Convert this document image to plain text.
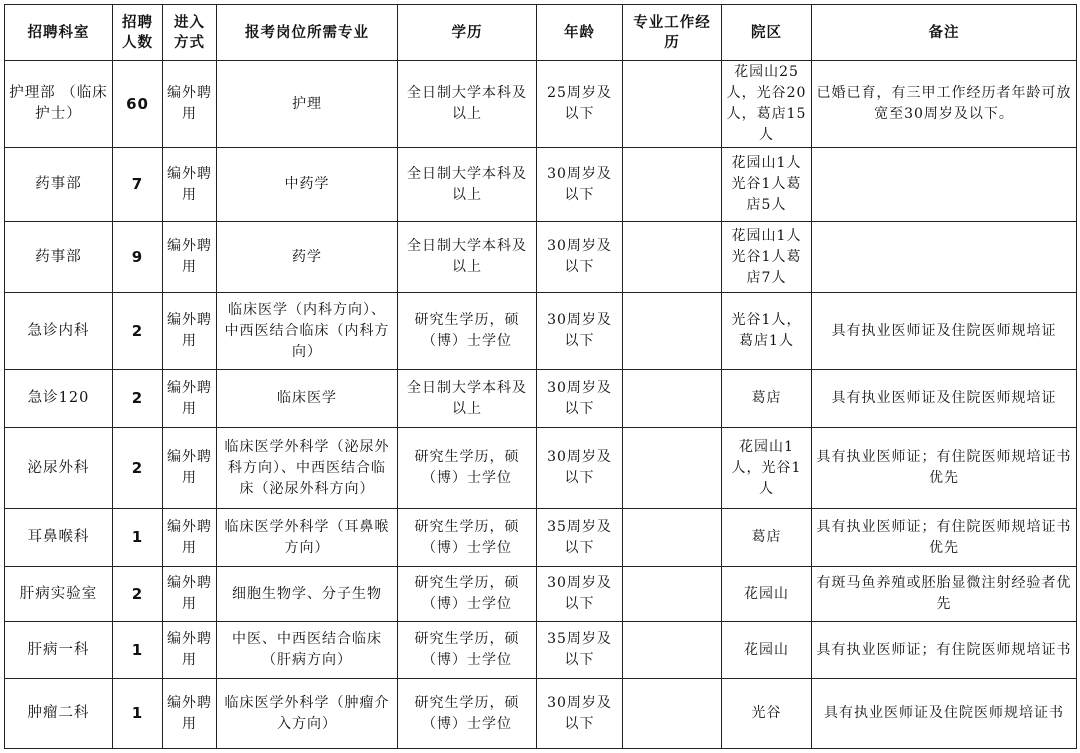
招聘科室	招聘人数	进入方式	报考岗位所需专业	学历	年龄	专业工作经历	院区	备注
护理部 （临床护士）	60	编外聘用	护理	全日制大学本科及以上	25周岁及以下		花园山25人，光谷20人，葛店15人	已婚已育，有三甲工作经历者年龄可放宽至30周岁及以下。
药事部	7	编外聘用	中药学	全日制大学本科及以上	30周岁及以下		花园山1人光谷1人葛店5人	
药事部	9	编外聘用	药学	全日制大学本科及以上	30周岁及以下		花园山1人光谷1人葛店7人	
急诊内科	2	编外聘用	临床医学（内科方向）、中西医结合临床（内科方向）	研究生学历，硕（博）士学位	30周岁及以下		光谷1人，葛店1人	具有执业医师证及住院医师规培证
急诊120	2	编外聘用	临床医学	全日制大学本科及以上	30周岁及以下		葛店	具有执业医师证及住院医师规培证
泌尿外科	2	编外聘用	临床医学外科学（泌尿外科方向）、中西医结合临床（泌尿外科方向）	研究生学历，硕（博）士学位	30周岁及以下		花园山1人，光谷1人	具有执业医师证；有住院医师规培证书优先
耳鼻喉科	1	编外聘用	临床医学外科学（耳鼻喉方向）	研究生学历，硕（博）士学位	35周岁及以下		葛店	具有执业医师证；有住院医师规培证书优先
肝病实验室	2	编外聘用	细胞生物学、分子生物	研究生学历，硕（博）士学位	30周岁及以下		花园山	有斑马鱼养殖或胚胎显微注射经验者优先
肝病一科	1	编外聘用	中医、中西医结合临床（肝病方向）	研究生学历，硕（博）士学位	35周岁及以下		花园山	具有执业医师证；有住院医师规培证书
肿瘤二科	1	编外聘用	临床医学外科学（肿瘤介入方向）	研究生学历，硕（博）士学位	30周岁及以下		光谷	具有执业医师证及住院医师规培证书
